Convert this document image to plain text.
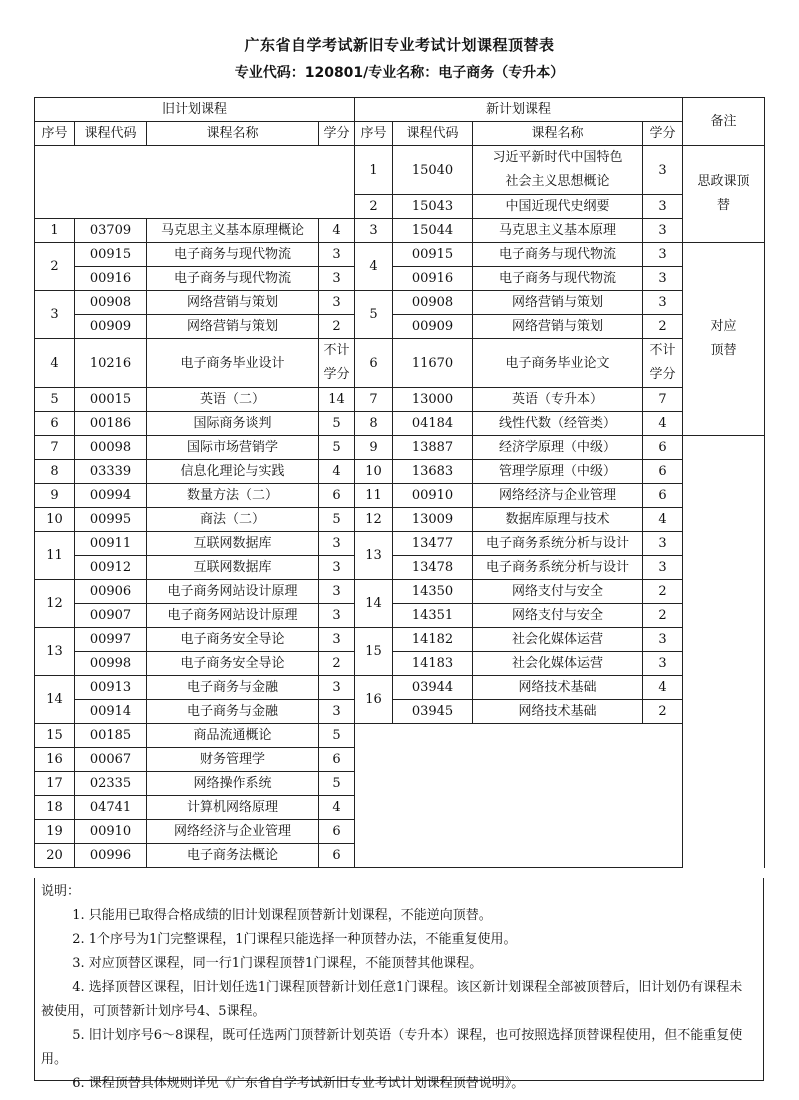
广东省自学考试新旧专业考试计划课程顶替表
专业代码：120801/专业名称：电子商务（专升本）
旧计划课程				新计划课程				备注	
序号	课程代码	课程名称	学分	序号	课程代码	课程名称	学分		
				1	15040	习近平新时代中国特色社会主义思想概论	3	思政课顶替	
				2	15043	中国近现代史纲要	3		
1	03709	马克思主义基本原理概论	4	3	15044	马克思主义基本原理	3		
2	00915	电子商务与现代物流	3	4	00915	电子商务与现代物流	3	对应顶替	
	00916	电子商务与现代物流	3		00916	电子商务与现代物流	3		
3	00908	网络营销与策划	3	5	00908	网络营销与策划	3		
	00909	网络营销与策划	2		00909	网络营销与策划	2		
4	10216	电子商务毕业设计	不计学分	6	11670	电子商务毕业论文	不计学分		
5	00015	英语（二）	14	7	13000	英语（专升本）	7		
6	00186	国际商务谈判	5	8	04184	线性代数（经管类）	4	
7	00098	国际市场营销学	5	9	13887	经济学原理（中级）	6		
8	03339	信息化理论与实践	4	10	13683	管理学原理（中级）	6		
9	00994	数量方法（二）	6	11	00910	网络经济与企业管理	6		
10	00995	商法（二）	5	12	13009	数据库原理与技术	4		
11	00911	互联网数据库	3	13	13477	电子商务系统分析与设计	3		
	00912	互联网数据库	3		13478	电子商务系统分析与设计	3		
12	00906	电子商务网站设计原理	3	14	14350	网络支付与安全	2		
	00907	电子商务网站设计原理	3		14351	网络支付与安全	2		
13	00997	电子商务安全导论	3	15	14182	社会化媒体运营	3		
	00998	电子商务安全导论	2		14183	社会化媒体运营	3		
14	00913	电子商务与金融	3	16	03944	网络技术基础	4		
	00914	电子商务与金融	3		03945	网络技术基础	2		
15	00185	商品流通概论	5						
16	00067	财务管理学	6						
17	02335	网络操作系统	5						
18	04741	计算机网络原理	4						
19	00910	网络经济与企业管理	6						
20	00996	电子商务法概论	6						

说明：

1. 只能用已取得合格成绩的旧计划课程顶替新计划课程，不能逆向顶替。

2. 1个序号为1门完整课程，1门课程只能选择一种顶替办法，不能重复使用。

3. 对应顶替区课程，同一行1门课程顶替1门课程，不能顶替其他课程。

4. 选择顶替区课程，旧计划任选1门课程顶替新计划任意1门课程。该区新计划课程全部被顶替后，旧计划仍有课程未被使用，可顶替新计划序号4、5课程。

5. 旧计划序号6～8课程，既可任选两门顶替新计划英语（专升本）课程，也可按照选择顶替课程使用，但不能重复使用。

6. 课程顶替具体规则详见《广东省自学考试新旧专业考试计划课程顶替说明》。
